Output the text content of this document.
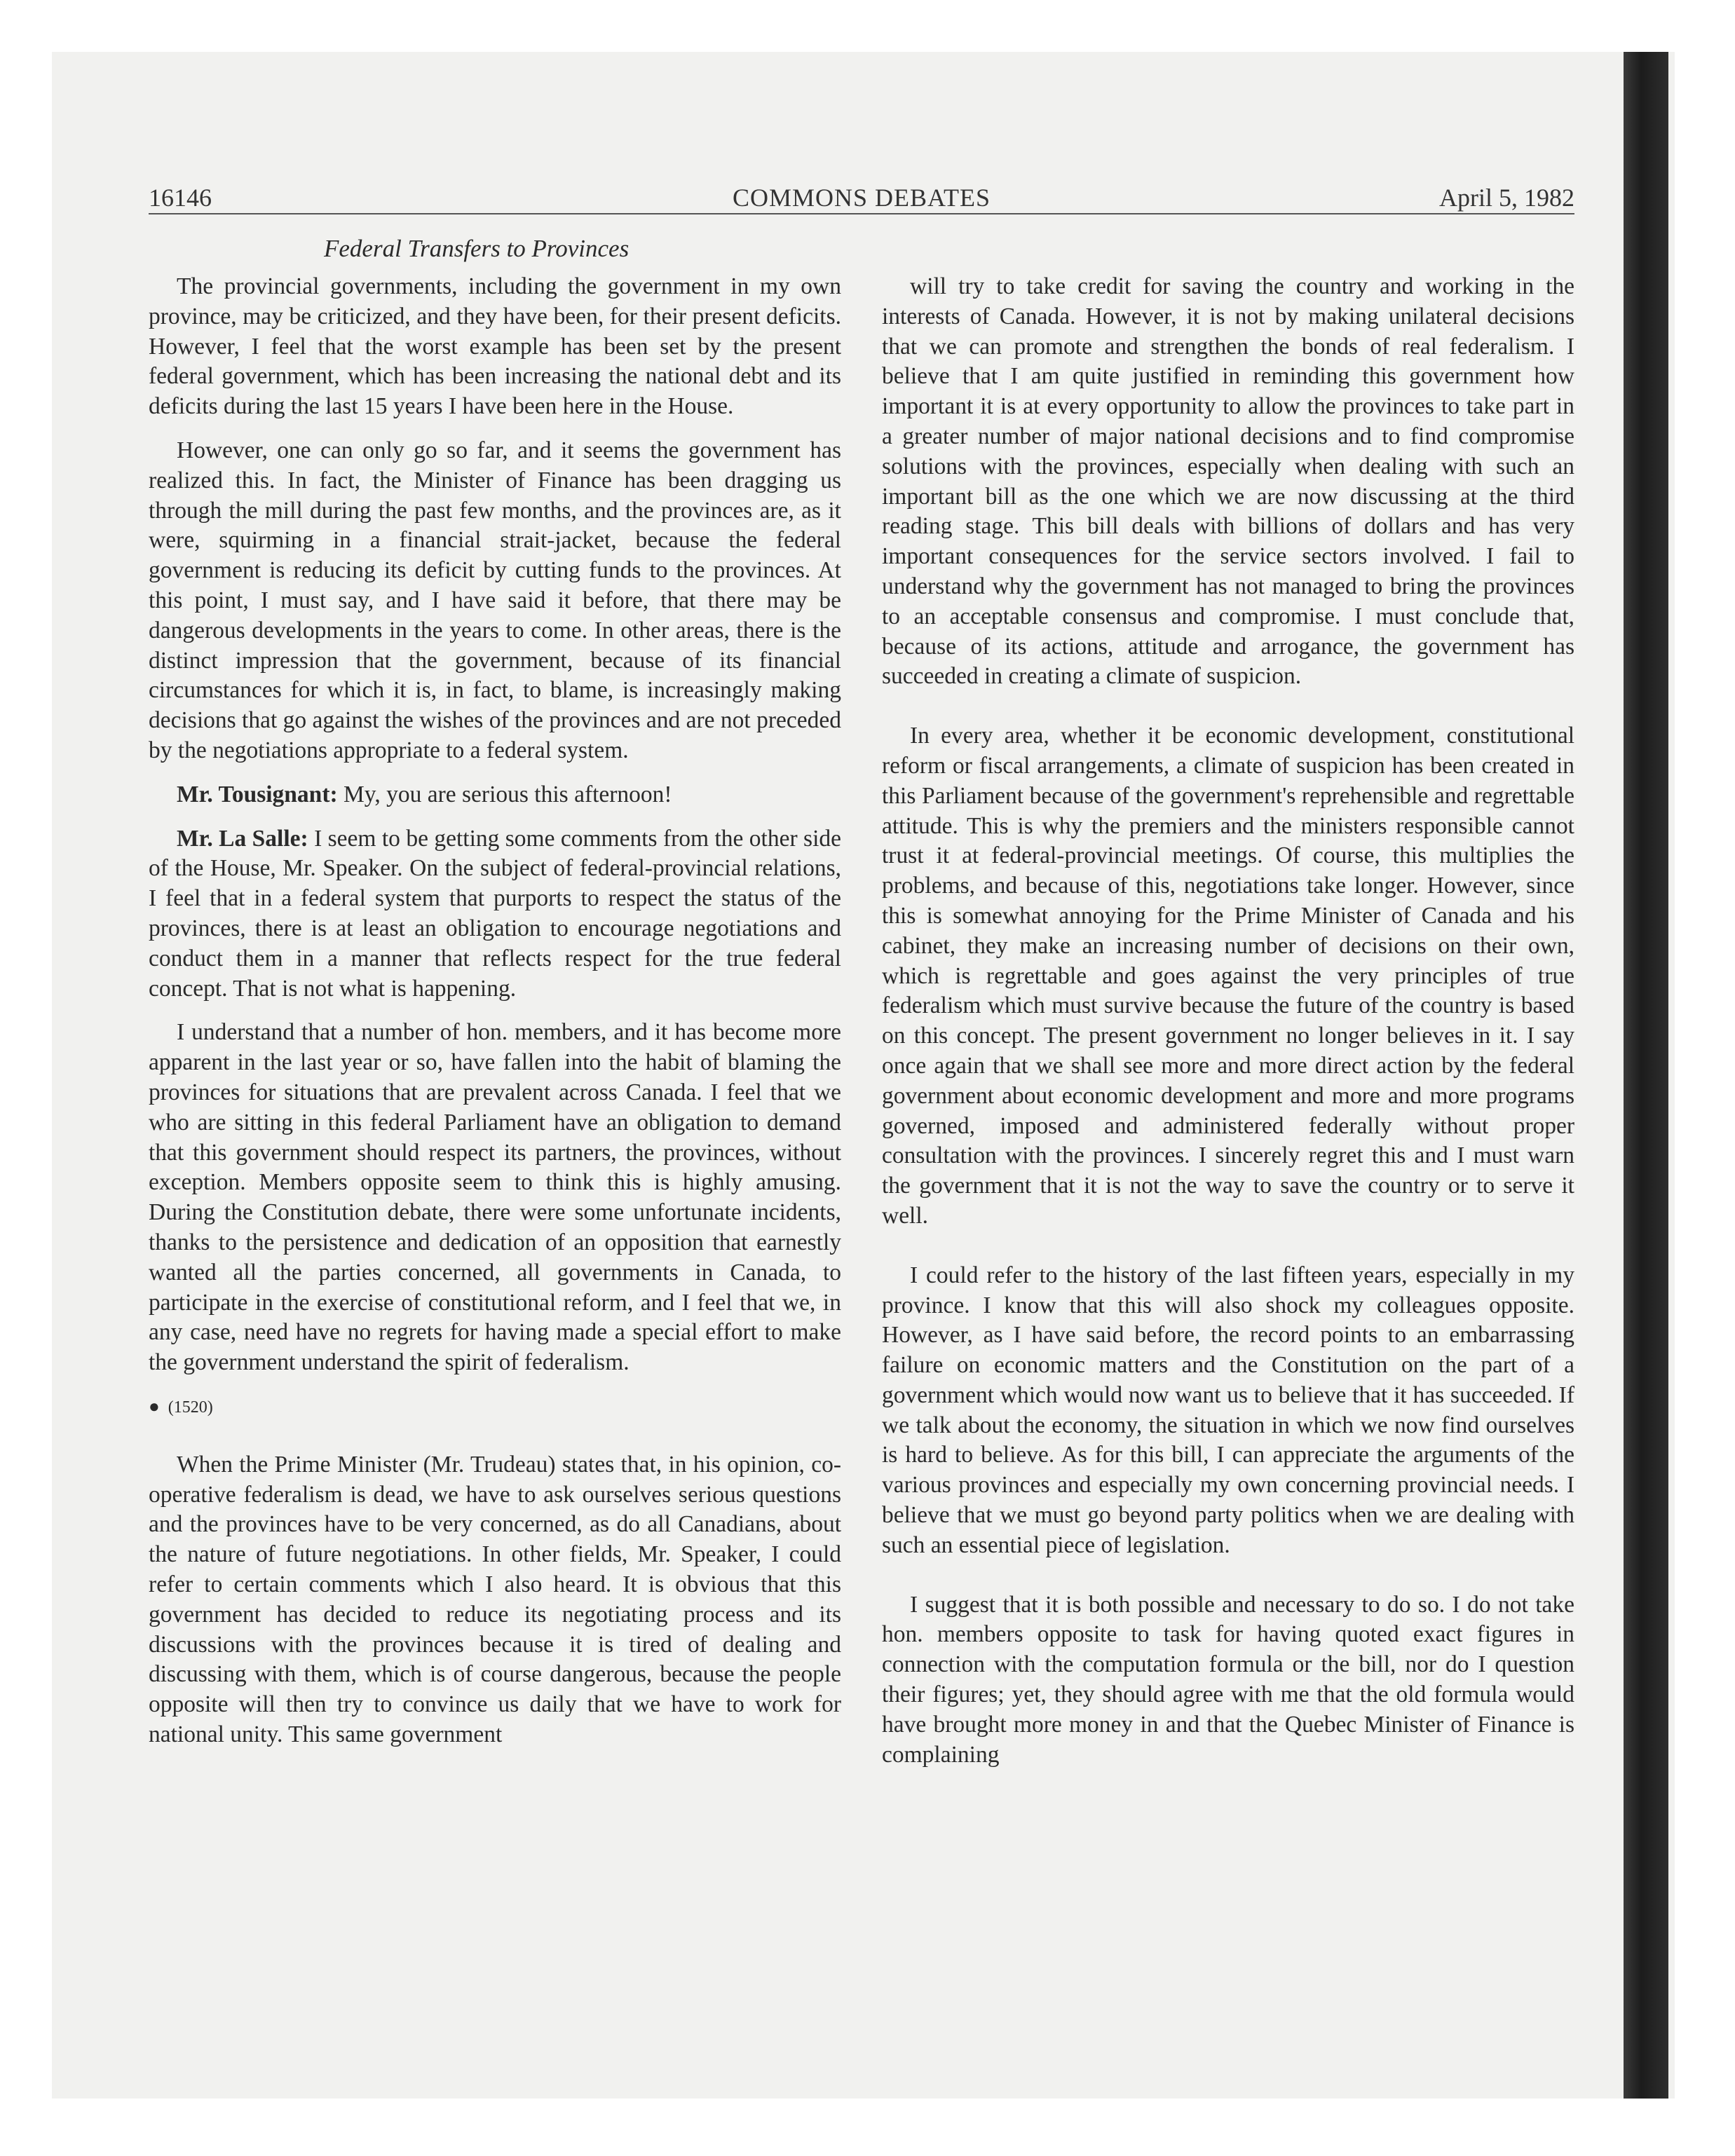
16146	COMMONS DEBATES	April 5, 1982
Federal Transfers to Provinces

The provincial governments, including the government in my own province, may be criticized, and they have been, for their present deficits. However, I feel that the worst example has been set by the present federal government, which has been increasing the national debt and its deficits during the last 15 years I have been here in the House.

However, one can only go so far, and it seems the government has realized this. In fact, the Minister of Finance has been dragging us through the mill during the past few months, and the provinces are, as it were, squirming in a financial strait-jacket, because the federal government is reducing its deficit by cutting funds to the provinces. At this point, I must say, and I have said it before, that there may be dangerous developments in the years to come. In other areas, there is the distinct impression that the government, because of its financial circumstances for which it is, in fact, to blame, is increasingly making decisions that go against the wishes of the provinces and are not preceded by the negotiations appropriate to a federal system.

Mr. Tousignant: My, you are serious this afternoon!

Mr. La Salle: I seem to be getting some comments from the other side of the House, Mr. Speaker. On the subject of federal-provincial relations, I feel that in a federal system that purports to respect the status of the provinces, there is at least an obligation to encourage negotiations and conduct them in a manner that reflects respect for the true federal concept. That is not what is happening.

I understand that a number of hon. members, and it has become more apparent in the last year or so, have fallen into the habit of blaming the provinces for situations that are prevalent across Canada. I feel that we who are sitting in this federal Parliament have an obligation to demand that this government should respect its partners, the provinces, without exception. Members opposite seem to think this is highly amusing. During the Constitution debate, there were some unfortunate incidents, thanks to the persistence and dedication of an opposition that earnestly wanted all the parties concerned, all governments in Canada, to participate in the exercise of constitutional reform, and I feel that we, in any case, need have no regrets for having made a special effort to make the government understand the spirit of federalism.

● (1520)

When the Prime Minister (Mr. Trudeau) states that, in his opinion, co-operative federalism is dead, we have to ask ourselves serious questions and the provinces have to be very concerned, as do all Canadians, about the nature of future negotiations. In other fields, Mr. Speaker, I could refer to certain comments which I also heard. It is obvious that this government has decided to reduce its negotiating process and its discussions with the provinces because it is tired of dealing and discussing with them, which is of course dangerous, because the people opposite will then try to convince us daily that we have to work for national unity. This same government

will try to take credit for saving the country and working in the interests of Canada. However, it is not by making unilateral decisions that we can promote and strengthen the bonds of real federalism. I believe that I am quite justified in reminding this government how important it is at every opportunity to allow the provinces to take part in a greater number of major national decisions and to find compromise solutions with the provinces, especially when dealing with such an important bill as the one which we are now discussing at the third reading stage. This bill deals with billions of dollars and has very important consequences for the service sectors involved. I fail to understand why the government has not managed to bring the provinces to an acceptable consensus and compromise. I must conclude that, because of its actions, attitude and arrogance, the government has succeeded in creating a climate of suspicion.

In every area, whether it be economic development, constitutional reform or fiscal arrangements, a climate of suspicion has been created in this Parliament because of the government's reprehensible and regrettable attitude. This is why the premiers and the ministers responsible cannot trust it at federal-provincial meetings. Of course, this multiplies the problems, and because of this, negotiations take longer. However, since this is somewhat annoying for the Prime Minister of Canada and his cabinet, they make an increasing number of decisions on their own, which is regrettable and goes against the very principles of true federalism which must survive because the future of the country is based on this concept. The present government no longer believes in it. I say once again that we shall see more and more direct action by the federal government about economic development and more and more programs governed, imposed and administered federally without proper consultation with the provinces. I sincerely regret this and I must warn the government that it is not the way to save the country or to serve it well.

I could refer to the history of the last fifteen years, especially in my province. I know that this will also shock my colleagues opposite. However, as I have said before, the record points to an embarrassing failure on economic matters and the Constitution on the part of a government which would now want us to believe that it has succeeded. If we talk about the economy, the situation in which we now find ourselves is hard to believe. As for this bill, I can appreciate the arguments of the various provinces and especially my own concerning provincial needs. I believe that we must go beyond party politics when we are dealing with such an essential piece of legislation.

I suggest that it is both possible and necessary to do so. I do not take hon. members opposite to task for having quoted exact figures in connection with the computation formula or the bill, nor do I question their figures; yet, they should agree with me that the old formula would have brought more money in and that the Quebec Minister of Finance is complaining
